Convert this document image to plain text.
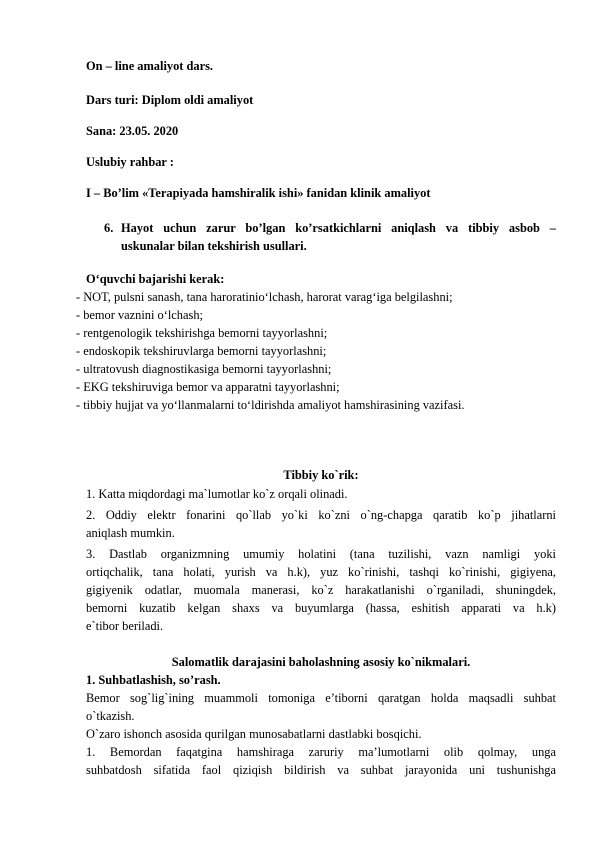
On – line amaliyot dars.
Dars turi: Diplom oldi amaliyot
Sana: 23.05. 2020
Uslubiy rahbar :
I – Bo’lim «Terapiyada hamshiralik ishi» fanidan klinik amaliyot
6. Hayot uchun zarur bo’lgan ko’rsatkichlarni aniqlash va tibbiy asbob –
uskunalar bilan tekshirish usullari.
O‘quvchi bajarishi kerak:
- NOT, pulsni sanash, tana haroratinio‘lchash, harorat varag‘iga belgilashni;
- bemor vaznini o‘lchash;
- rentgenologik tekshirishga bemorni tayyorlashni;
- endoskopik tekshiruvlarga bemorni tayyorlashni;
- ultratovush diagnostikasiga bemorni tayyorlashni;
- EKG tekshiruviga bemor va apparatni tayyorlashni;
- tibbiy hujjat va yo‘llanmalarni to‘ldirishda amaliyot hamshirasining vazifasi.
Tibbiy ko`rik:
1. Katta miqdordagi ma`lumotlar ko`z orqali olinadi.
2. Oddiy elektr fonarini qo`llab yo`ki ko`zni o`ng-chapga qaratib ko`p jihatlarni
aniqlash mumkin.
3. Dastlab organizmning umumiy holatini (tana tuzilishi, vazn namligi yoki
ortiqchalik, tana holati, yurish va h.k), yuz ko`rinishi, tashqi ko`rinishi, gigiyena,
gigiyenik odatlar, muomala manerasi, ko`z harakatlanishi o`rganiladi, shuningdek,
bemorni kuzatib kelgan shaxs va buyumlarga (hassa, eshitish apparati va h.k)
e`tibor beriladi.
Salomatlik darajasini baholashning asosiy ko`nikmalari.
1. Suhbatlashish, so’rash.
Bemor sog`lig`ining muammoli tomoniga e’tiborni qaratgan holda maqsadli suhbat
o`tkazish.
O`zaro ishonch asosida qurilgan munosabatlarni dastlabki bosqichi.
1. Bemordan faqatgina hamshiraga zaruriy ma’lumotlarni olib qolmay, unga
suhbatdosh sifatida faol qiziqish bildirish va suhbat jarayonida uni tushunishga
